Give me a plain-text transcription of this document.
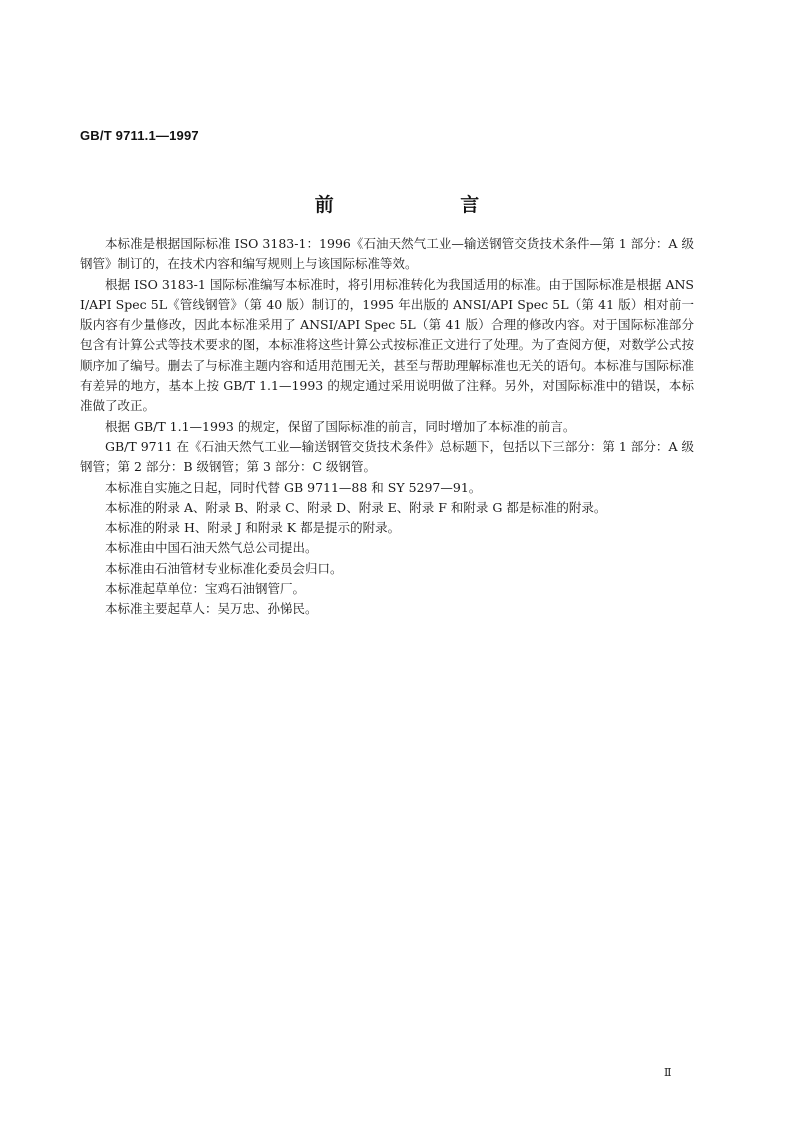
GB/T 9711.1—1997
前 言

本标准是根据国际标准 ISO 3183-1：1996《石油天然气工业—输送钢管交货技术条件—第 1 部分：A 级钢管》制订的，在技术内容和编写规则上与该国际标准等效。

根据 ISO 3183-1 国际标准编写本标准时，将引用标准转化为我国适用的标准。由于国际标准是根据 ANSI/API Spec 5L《管线钢管》（第 40 版）制订的，1995 年出版的 ANSI/API Spec 5L（第 41 版）相对前一版内容有少量修改，因此本标准采用了 ANSI/API Spec 5L（第 41 版）合理的修改内容。对于国际标准部分包含有计算公式等技术要求的图，本标准将这些计算公式按标准正文进行了处理。为了查阅方便，对数学公式按顺序加了编号。删去了与标准主题内容和适用范围无关，甚至与帮助理解标准也无关的语句。本标准与国际标准有差异的地方，基本上按 GB/T 1.1—1993 的规定通过采用说明做了注释。另外，对国际标准中的错误，本标准做了改正。

根据 GB/T 1.1—1993 的规定，保留了国际标准的前言，同时增加了本标准的前言。

GB/T 9711 在《石油天然气工业—输送钢管交货技术条件》总标题下，包括以下三部分：第 1 部分：A 级钢管；第 2 部分：B 级钢管；第 3 部分：C 级钢管。

本标准自实施之日起，同时代替 GB 9711—88 和 SY 5297—91。

本标准的附录 A、附录 B、附录 C、附录 D、附录 E、附录 F 和附录 G 都是标准的附录。

本标准的附录 H、附录 J 和附录 K 都是提示的附录。

本标准由中国石油天然气总公司提出。

本标准由石油管材专业标准化委员会归口。

本标准起草单位：宝鸡石油钢管厂。

本标准主要起草人：吴万忠、孙悌民。

Ⅱ
